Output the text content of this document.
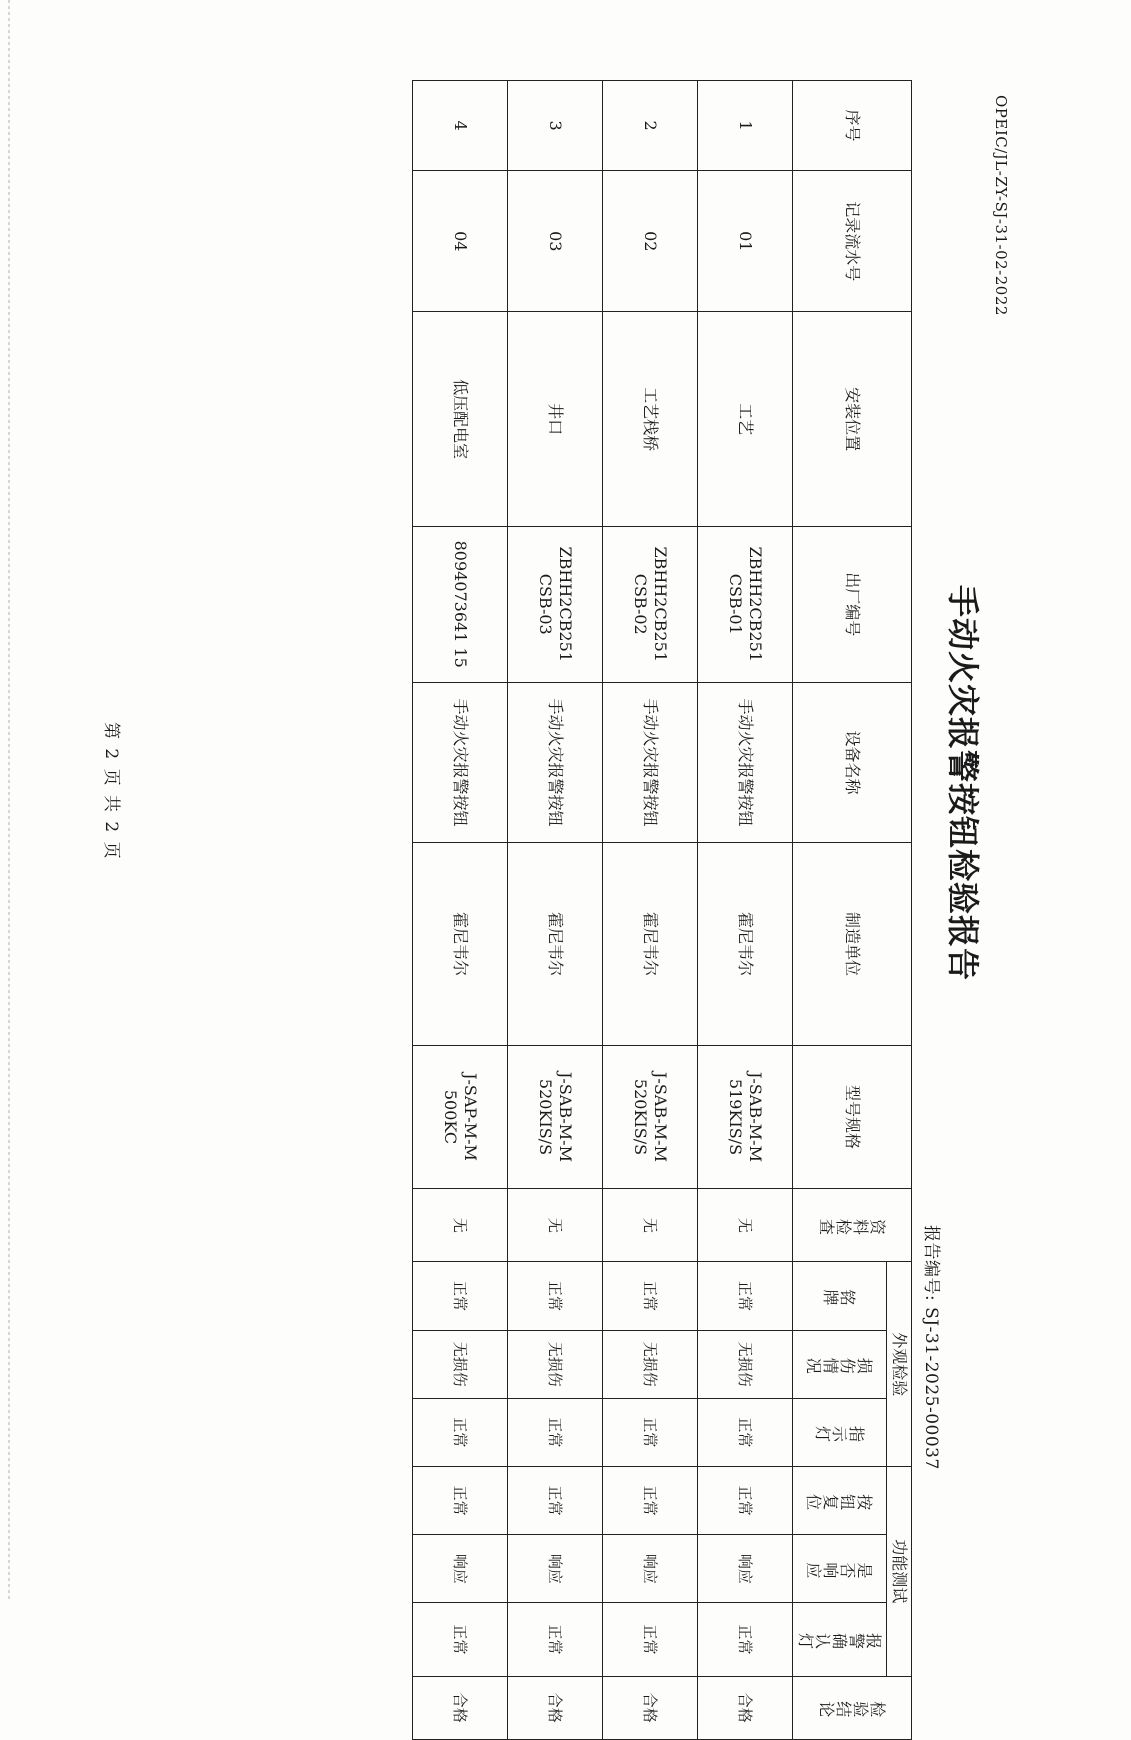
OPEIC/JL-ZY-SJ-31-02-2022
手动火灾报警按钮检验报告
报告编号: SJ-31-2025-00037
第 2 页 共 2 页
序号	记录流水号	安装位置	出厂编号	设备名称	制造单位	型号规格	资料检查	外观检验			功能测试			检验结论
								铭牌	损伤情况	指示灯	按钮复位	是否响应	报警确认灯	
1	01	工艺	ZBHH2CB251 CSB-01	手动火灾报警按钮	霍尼韦尔	J-SAB-M-M 519KIS/S	无	正常	无损伤	正常	正常	响应	正常	合格
2	02	工艺栈桥	ZBHH2CB251 CSB-02	手动火灾报警按钮	霍尼韦尔	J-SAB-M-M 520KIS/S	无	正常	无损伤	正常	正常	响应	正常	合格
3	03	井口	ZBHH2CB251 CSB-03	手动火灾报警按钮	霍尼韦尔	J-SAB-M-M 520KIS/S	无	正常	无损伤	正常	正常	响应	正常	合格
4	04	低压配电室	8094073641 15	手动火灾报警按钮	霍尼韦尔	J-SAP-M-M 500KC	无	正常	无损伤	正常	正常	响应	正常	合格
